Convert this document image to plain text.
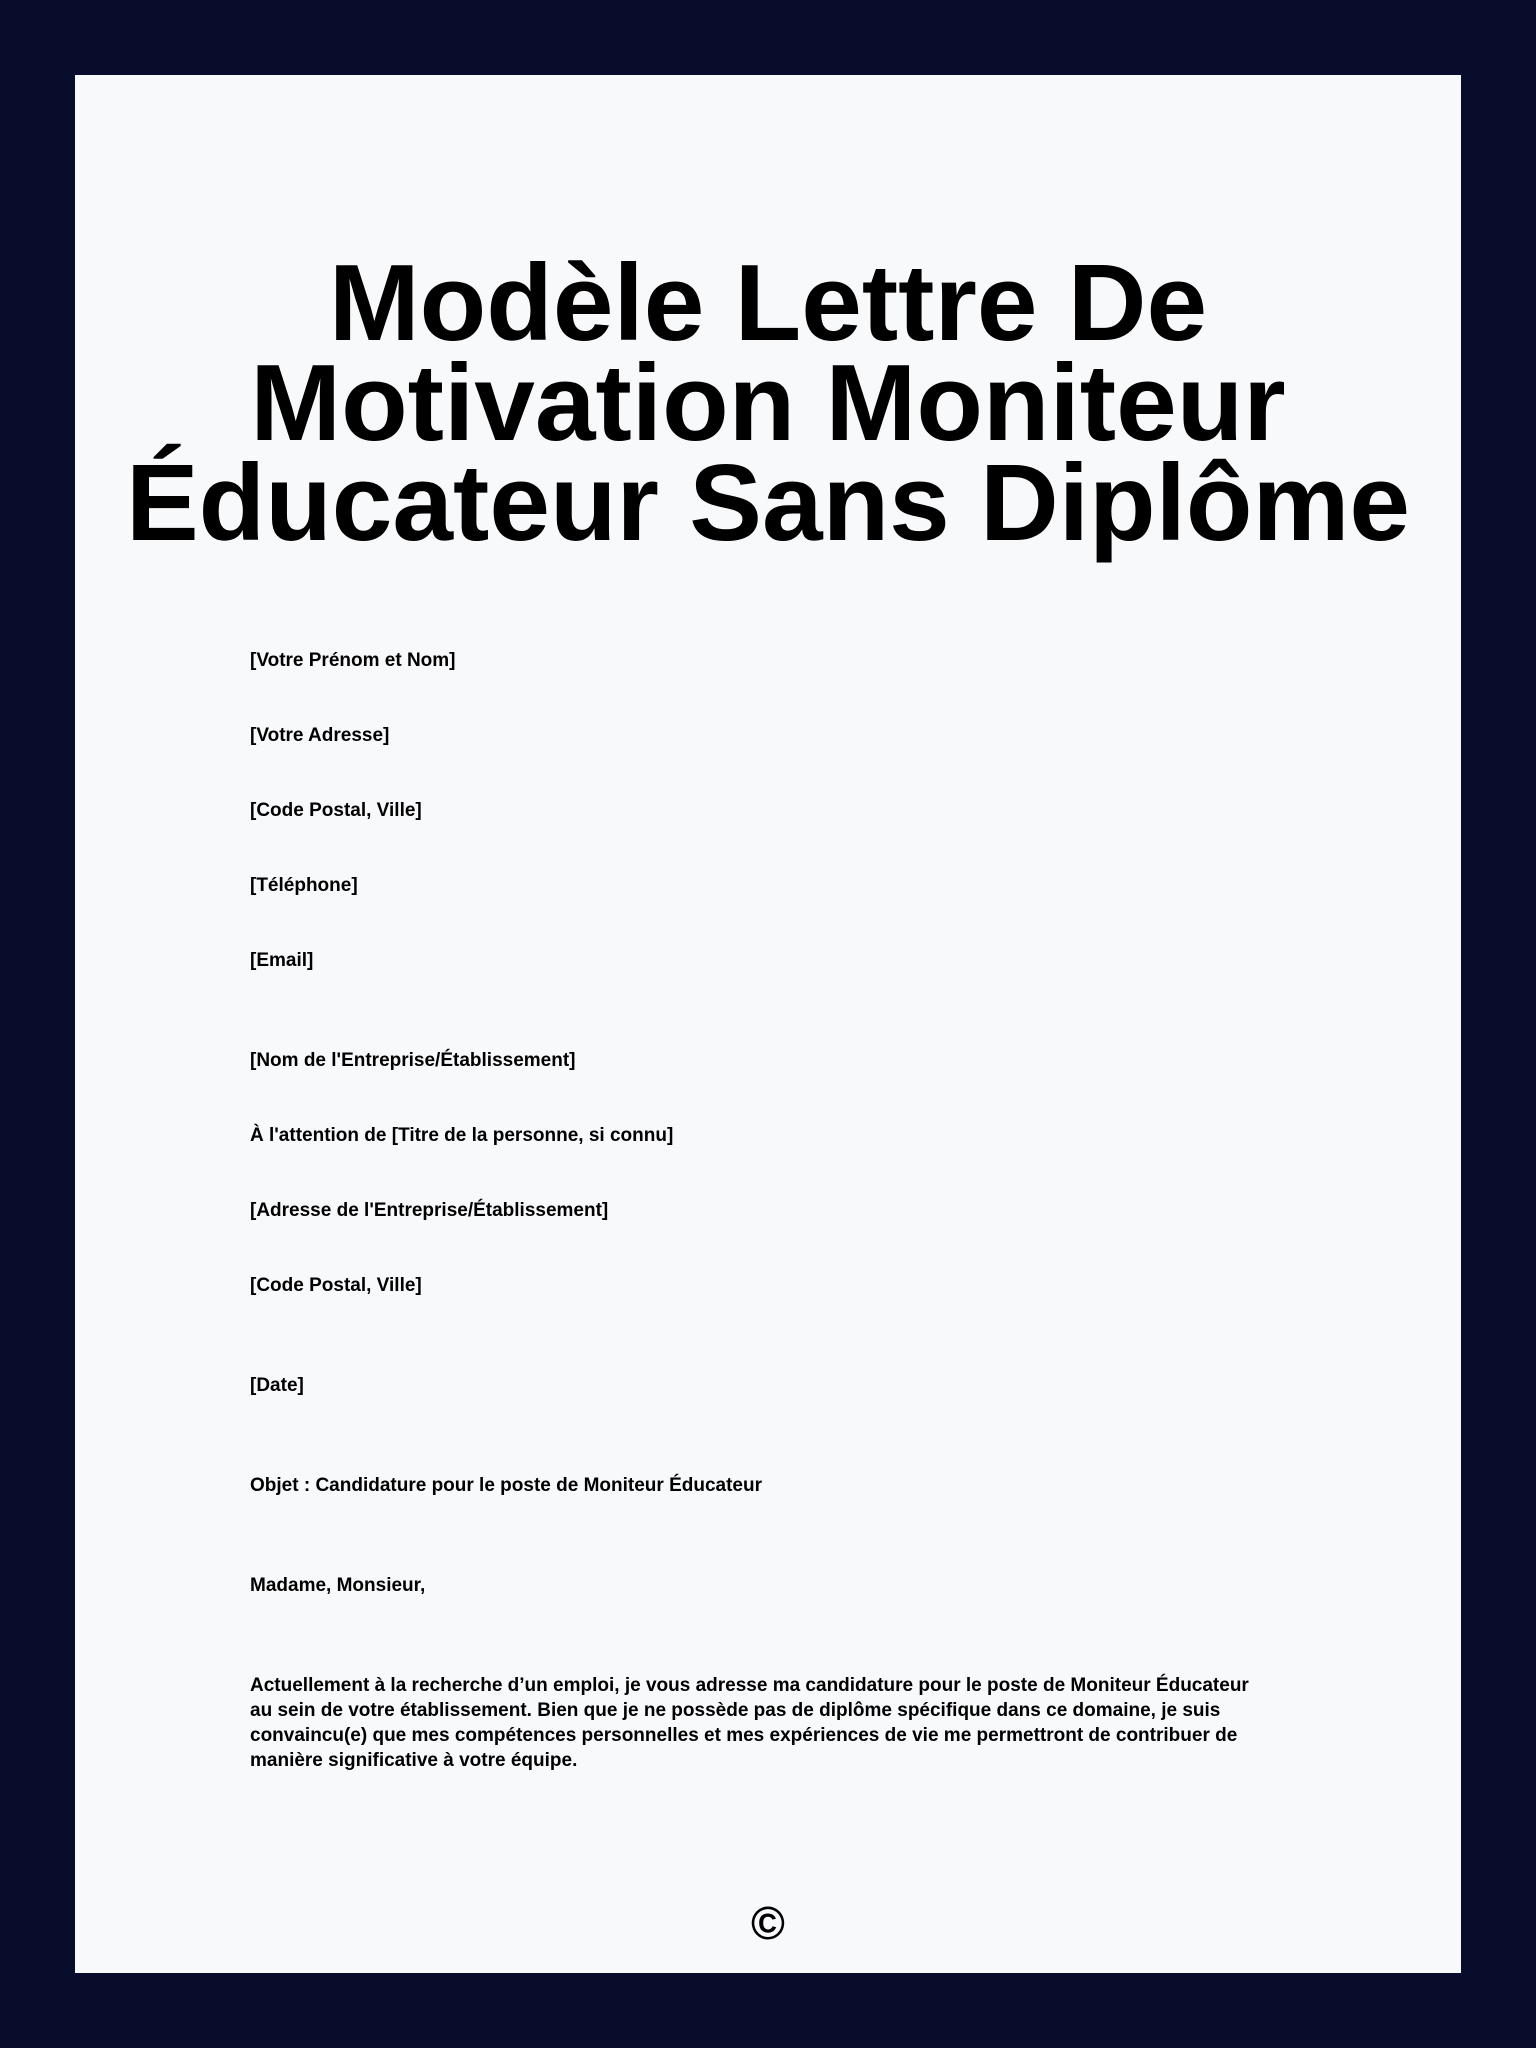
Modèle Lettre De Motivation Moniteur Éducateur Sans Diplôme

[Votre Prénom et Nom]

[Votre Adresse]

[Code Postal, Ville]

[Téléphone]

[Email]

[Nom de l'Entreprise/Établissement]

À l'attention de [Titre de la personne, si connu]

[Adresse de l'Entreprise/Établissement]

[Code Postal, Ville]

[Date]

Objet : Candidature pour le poste de Moniteur Éducateur

Madame, Monsieur,

Actuellement à la recherche d’un emploi, je vous adresse ma candidature pour le poste de Moniteur Éducateur au sein de votre établissement. Bien que je ne possède pas de diplôme spécifique dans ce domaine, je suis convaincu(e) que mes compétences personnelles et mes expériences de vie me permettront de contribuer de manière significative à votre équipe.

©
